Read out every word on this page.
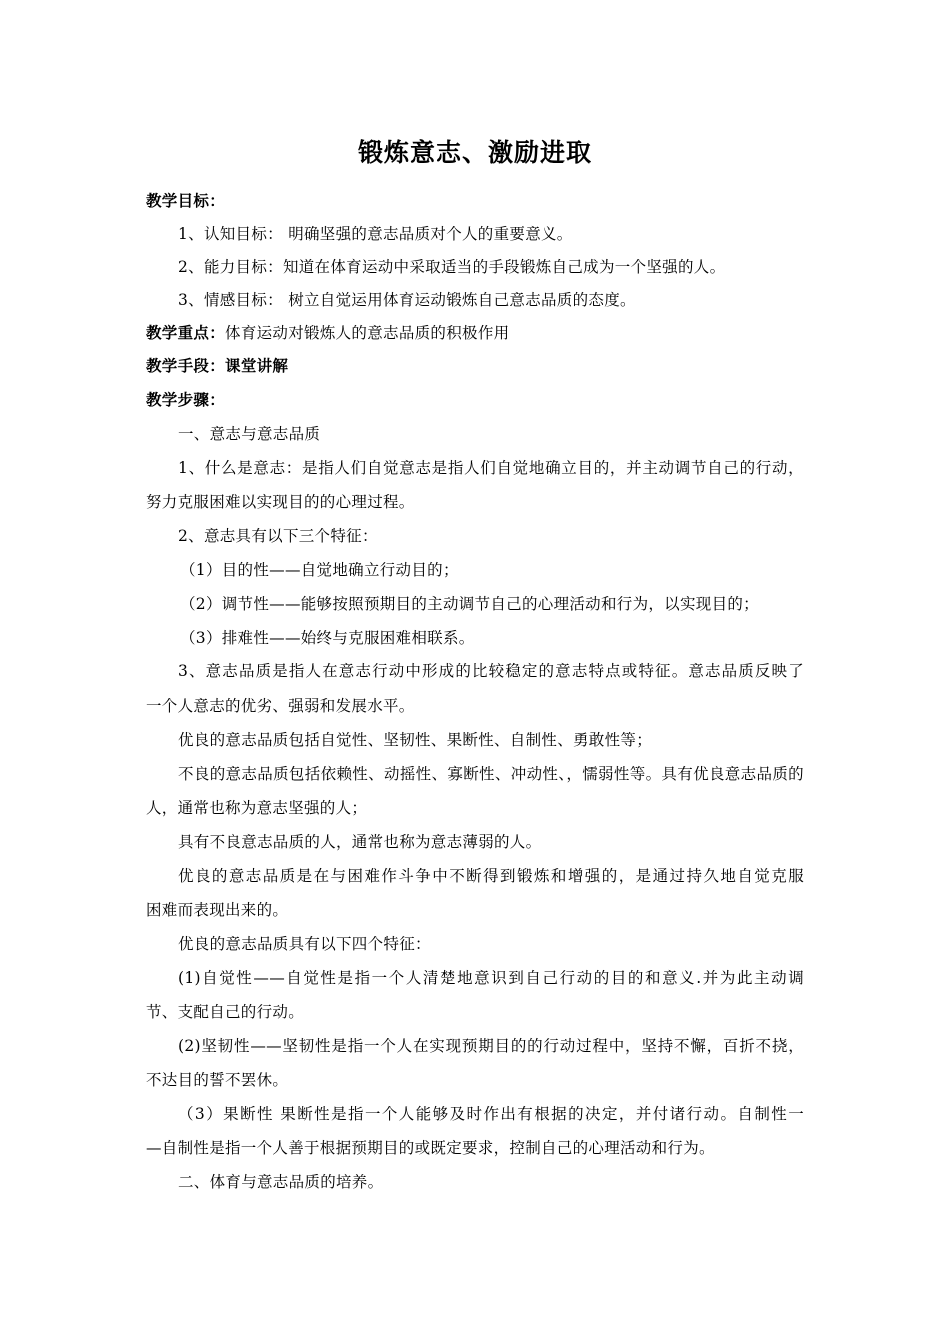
锻炼意志、激励进取
教学目标：
1、认知目标： 明确坚强的意志品质对个人的重要意义。
2、能力目标：知道在体育运动中采取适当的手段锻炼自己成为一个坚强的人。
3、情感目标： 树立自觉运用体育运动锻炼自己意志品质的态度。
教学重点：体育运动对锻炼人的意志品质的积极作用
教学手段：课堂讲解
教学步骤：
一、意志与意志品质
1、什么是意志：是指人们自觉意志是指人们自觉地确立目的，并主动调节自己的行动，
努力克服困难以实现目的的心理过程。
2、意志具有以下三个特征：
（1）目的性——自觉地确立行动目的；
（2）调节性——能够按照预期目的主动调节自己的心理活动和行为，以实现目的；
（3）排难性——始终与克服困难相联系。
3、意志品质是指人在意志行动中形成的比较稳定的意志特点或特征。意志品质反映了
一个人意志的优劣、强弱和发展水平。
优良的意志品质包括自觉性、坚韧性、果断性、自制性、勇敢性等；
不良的意志品质包括依赖性、动摇性、寡断性、冲动性、，懦弱性等。具有优良意志品质的
人，通常也称为意志坚强的人；
具有不良意志品质的人，通常也称为意志薄弱的人。
优良的意志品质是在与困难作斗争中不断得到锻炼和增强的，是通过持久地自觉克服
困难而表现出来的。
优良的意志品质具有以下四个特征：
(1)自觉性——自觉性是指一个人清楚地意识到自己行动的目的和意义.并为此主动调
节、支配自己的行动。
(2)坚韧性——坚韧性是指一个人在实现预期目的的行动过程中，坚持不懈，百折不挠，
不达目的誓不罢休。
（3）果断性 果断性是指一个人能够及时作出有根据的决定，并付诸行动。自制性一
—自制性是指一个人善于根据预期目的或既定要求，控制自己的心理活动和行为。
二、体育与意志品质的培养。
